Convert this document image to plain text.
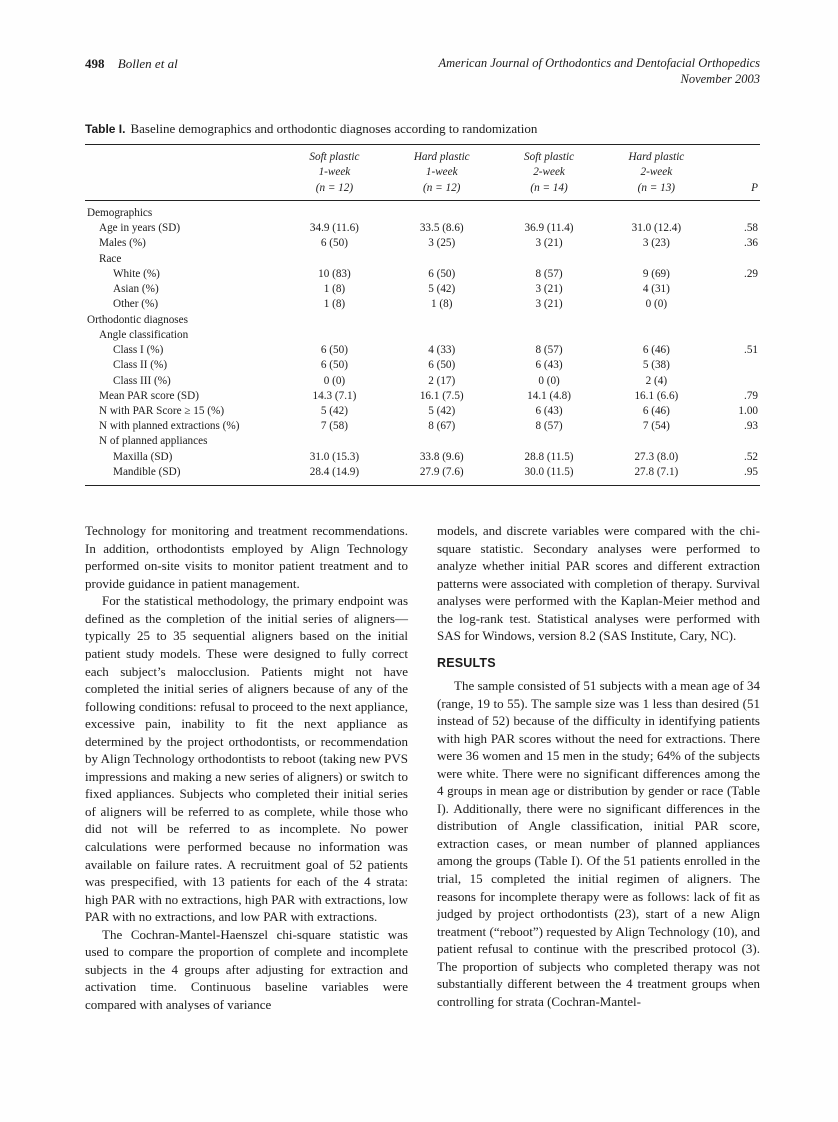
498 Bollen et al	American Journal of Orthodontics and Dentofacial Orthopedics
November 2003
Table I. Baseline demographics and orthodontic diagnoses according to randomization
	Soft plastic
1-week
(n = 12)	Hard plastic
1-week
(n = 12)	Soft plastic
2-week
(n = 14)	Hard plastic
2-week
(n = 13)	P
Demographics					
Age in years (SD)	34.9 (11.6)	33.5 (8.6)	36.9 (11.4)	31.0 (12.4)	.58
Males (%)	6 (50)	3 (25)	3 (21)	3 (23)	.36
Race					
White (%)	10 (83)	6 (50)	8 (57)	9 (69)	.29
Asian (%)	1 (8)	5 (42)	3 (21)	4 (31)	
Other (%)	1 (8)	1 (8)	3 (21)	0 (0)	
Orthodontic diagnoses					
Angle classification					
Class I (%)	6 (50)	4 (33)	8 (57)	6 (46)	.51
Class II (%)	6 (50)	6 (50)	6 (43)	5 (38)	
Class III (%)	0 (0)	2 (17)	0 (0)	2 (4)	
Mean PAR score (SD)	14.3 (7.1)	16.1 (7.5)	14.1 (4.8)	16.1 (6.6)	.79
N with PAR Score ≥ 15 (%)	5 (42)	5 (42)	6 (43)	6 (46)	1.00
N with planned extractions (%)	7 (58)	8 (67)	8 (57)	7 (54)	.93
N of planned appliances					
Maxilla (SD)	31.0 (15.3)	33.8 (9.6)	28.8 (11.5)	27.3 (8.0)	.52
Mandible (SD)	28.4 (14.9)	27.9 (7.6)	30.0 (11.5)	27.8 (7.1)	.95

Technology for monitoring and treatment recommendations. In addition, orthodontists employed by Align Technology performed on-site visits to monitor patient treatment and to provide guidance in patient management.

For the statistical methodology, the primary endpoint was defined as the completion of the initial series of aligners—typically 25 to 35 sequential aligners based on the initial patient study models. These were designed to fully correct each subject’s malocclusion. Patients might not have completed the initial series of aligners because of any of the following conditions: refusal to proceed to the next appliance, excessive pain, inability to fit the next appliance as determined by the project orthodontists, or recommendation by Align Technology orthodontists to reboot (taking new PVS impressions and making a new series of aligners) or switch to fixed appliances. Subjects who completed their initial series of aligners will be referred to as complete, while those who did not will be referred to as incomplete. No power calculations were performed because no information was available on failure rates. A recruitment goal of 52 patients was prespecified, with 13 patients for each of the 4 strata: high PAR with no extractions, high PAR with extractions, low PAR with no extractions, and low PAR with extractions.

The Cochran-Mantel-Haenszel chi-square statistic was used to compare the proportion of complete and incomplete subjects in the 4 groups after adjusting for extraction and activation time. Continuous baseline variables were compared with analyses of variance

models, and discrete variables were compared with the chi-square statistic. Secondary analyses were performed to analyze whether initial PAR scores and different extraction patterns were associated with completion of therapy. Survival analyses were performed with the Kaplan-Meier method and the log-rank test. Statistical analyses were performed with SAS for Windows, version 8.2 (SAS Institute, Cary, NC).

RESULTS

The sample consisted of 51 subjects with a mean age of 34 (range, 19 to 55). The sample size was 1 less than desired (51 instead of 52) because of the difficulty in identifying patients with high PAR scores without the need for extractions. There were 36 women and 15 men in the study; 64% of the subjects were white. There were no significant differences among the 4 groups in mean age or distribution by gender or race (Table I). Additionally, there were no significant differences in the distribution of Angle classification, initial PAR score, extraction cases, or mean number of planned appliances among the groups (Table I). Of the 51 patients enrolled in the trial, 15 completed the initial regimen of aligners. The reasons for incomplete therapy were as follows: lack of fit as judged by project orthodontists (23), start of a new Align treatment (“reboot”) requested by Align Technology (10), and patient refusal to continue with the prescribed protocol (3). The proportion of subjects who completed therapy was not substantially different between the 4 treatment groups when controlling for strata (Cochran-Mantel-
